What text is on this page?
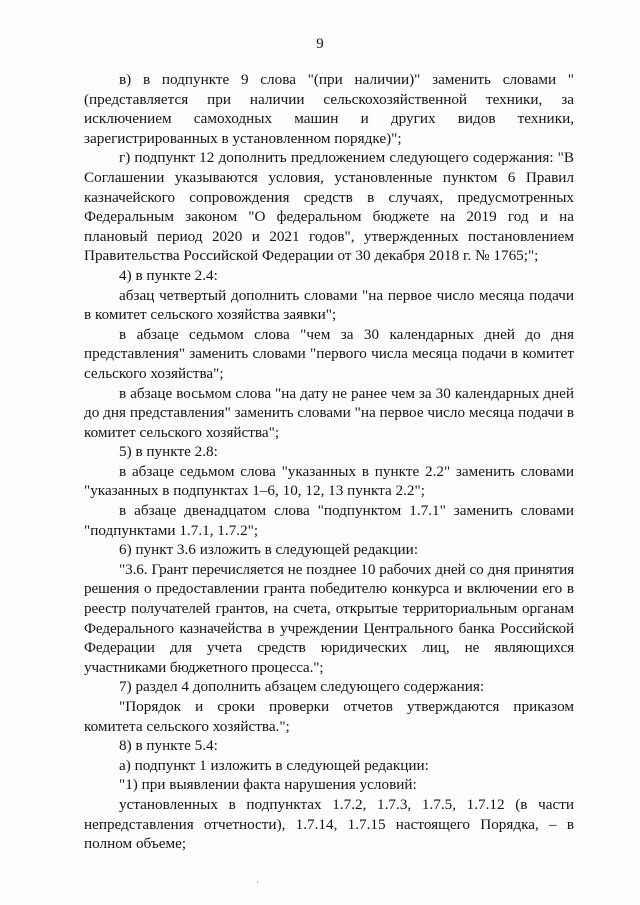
9

в) в подпункте 9 слова "(при наличии)" заменить словами "(представляется при наличии сельскохозяйственной техники, за исключением самоходных машин и других видов техники, зарегистрированных в установленном порядке)";

г) подпункт 12 дополнить предложением следующего содержания: "В Соглашении указываются условия, установленные пунктом 6 Правил казначейского сопровождения средств в случаях, предусмотренных Федеральным законом "О федеральном бюджете на 2019 год и на плановый период 2020 и 2021 годов", утвержденных постановлением Правительства Российской Федерации от 30 декабря 2018 г. № 1765;";

4) в пункте 2.4:

абзац четвертый дополнить словами "на первое число месяца подачи в комитет сельского хозяйства заявки";

в абзаце седьмом слова "чем за 30 календарных дней до дня представления" заменить словами "первого числа месяца подачи в комитет сельского хозяйства";

в абзаце восьмом слова "на дату не ранее чем за 30 календарных дней до дня представления" заменить словами "на первое число месяца подачи в комитет сельского хозяйства";

5) в пункте 2.8:

в абзаце седьмом слова "указанных в пункте 2.2" заменить словами "указанных в подпунктах 1–6, 10, 12, 13 пункта 2.2";

в абзаце двенадцатом слова "подпунктом 1.7.1" заменить словами "подпунктами 1.7.1, 1.7.2";

6) пункт 3.6 изложить в следующей редакции:

"3.6. Грант перечисляется не позднее 10 рабочих дней со дня принятия решения о предоставлении гранта победителю конкурса и включении его в реестр получателей грантов, на счета, открытые территориальным органам Федерального казначейства в учреждении Центрального банка Российской Федерации для учета средств юридических лиц, не являющихся участниками бюджетного процесса.";

7) раздел 4 дополнить абзацем следующего содержания:

"Порядок и сроки проверки отчетов утверждаются приказом комитета сельского хозяйства.";

8) в пункте 5.4:

а) подпункт 1 изложить в следующей редакции:

"1) при выявлении факта нарушения условий:

установленных в подпунктах 1.7.2, 1.7.3, 1.7.5, 1.7.12 (в части непредставления отчетности), 1.7.14, 1.7.15 настоящего Порядка, – в полном объеме;
